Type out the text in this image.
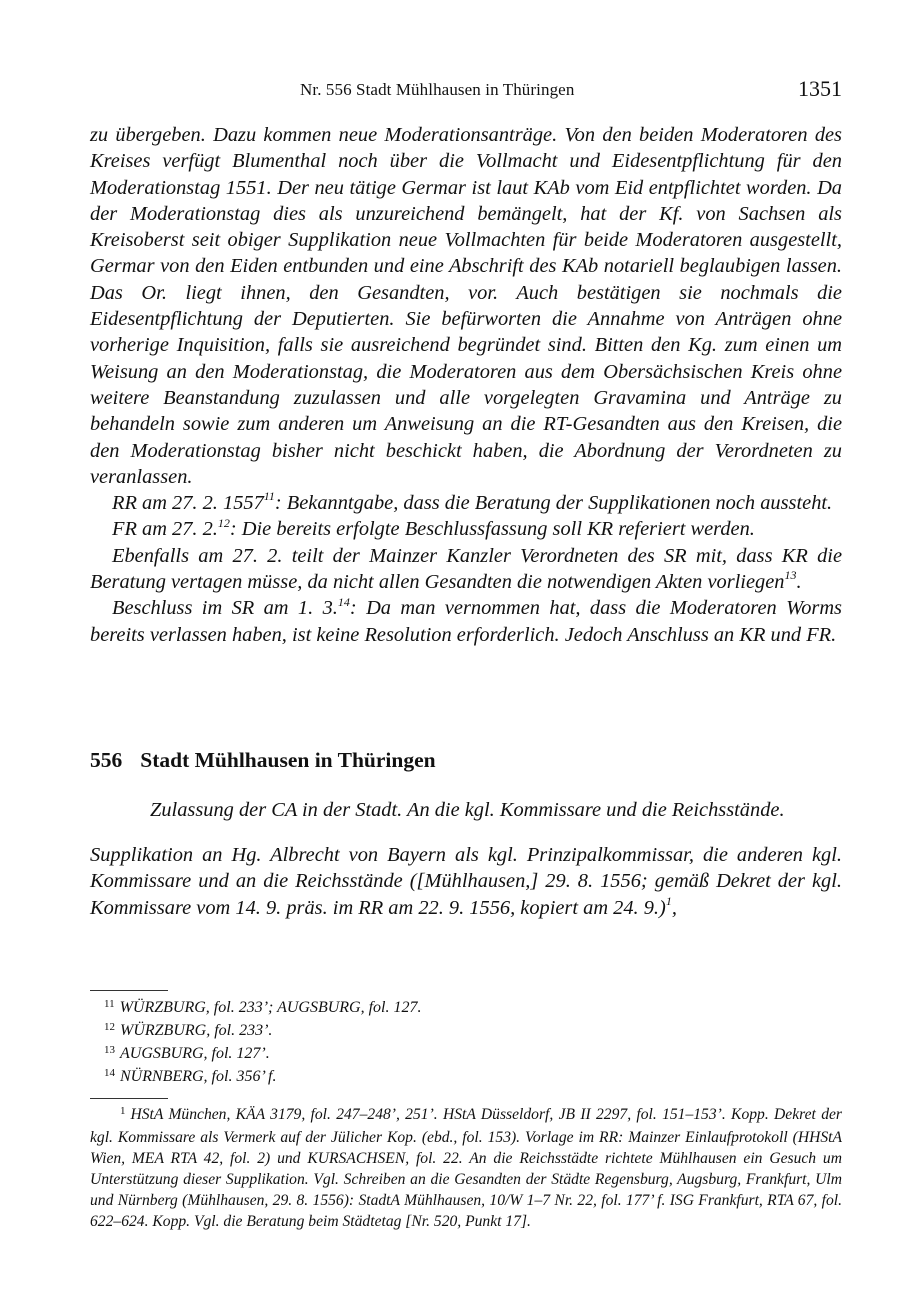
Nr. 556 Stadt Mühlhausen in Thüringen	1351

zu übergeben. Dazu kommen neue Moderationsanträge. Von den beiden Moderatoren des Kreises verfügt Blumenthal noch über die Vollmacht und Eidesentpflichtung für den Moderationstag 1551. Der neu tätige Germar ist laut KAb vom Eid entpflichtet worden. Da der Moderationstag dies als unzureichend bemängelt, hat der Kf. von Sachsen als Kreisoberst seit obiger Supplikation neue Vollmachten für beide Moderatoren ausgestellt, Germar von den Eiden entbunden und eine Abschrift des KAb notariell beglaubigen lassen. Das Or. liegt ihnen, den Gesandten, vor. Auch bestätigen sie nochmals die Eidesentpflichtung der Deputierten. Sie befürworten die Annahme von Anträgen ohne vorherige Inquisition, falls sie ausreichend begründet sind. Bitten den Kg. zum einen um Weisung an den Moderationstag, die Moderatoren aus dem Obersächsischen Kreis ohne weitere Beanstandung zuzulassen und alle vorgelegten Gravamina und Anträge zu behandeln sowie zum anderen um Anweisung an die RT-Gesandten aus den Kreisen, die den Moderationstag bisher nicht beschickt haben, die Abordnung der Verordneten zu veranlassen.

RR am 27. 2. 1557$^{11}$: Bekanntgabe, dass die Beratung der Supplikationen noch aussteht.

FR am 27. 2.12: Die bereits erfolgte Beschlussfassung soll KR referiert werden.

Ebenfalls am 27. 2. teilt der Mainzer Kanzler Verordneten des SR mit, dass KR die Beratung vertagen müsse, da nicht allen Gesandten die notwendigen Akten vorliegen$^{13}$.

Beschluss im SR am 1. 3.14: Da man vernommen hat, dass die Moderatoren Worms bereits verlassen haben, ist keine Resolution erforderlich. Jedoch Anschluss an KR und FR.

556 Stadt Mühlhausen in Thüringen

Zulassung der CA in der Stadt. An die kgl. Kommissare und die Reichsstände.

Supplikation an Hg. Albrecht von Bayern als kgl. Prinzipalkommissar, die anderen kgl. Kommissare und an die Reichsstände ([Mühlhausen,] 29. 8. 1556; gemäß Dekret der kgl. Kommissare vom 14. 9. präs. im RR am 22. 9. 1556, kopiert am 24. 9.)$^1$,

$^{11}$ WÜRZBURG, fol. 233’; AUGSBURG, fol. 127.
$^{12}$ WÜRZBURG, fol. 233’.
$^{13}$ AUGSBURG, fol. 127’.
$^{14}$ NÜRNBERG, fol. 356’ f.

$^1$ HStA München, KÄA 3179, fol. 247–248’, 251’. HStA Düsseldorf, JB II 2297, fol. 151–153’. Kopp. Dekret der kgl. Kommissare als Vermerk auf der Jülicher Kop. (ebd., fol. 153). Vorlage im RR: Mainzer Einlaufprotokoll (HHStA Wien, MEA RTA 42, fol. 2) und KURSACHSEN, fol. 22. An die Reichsstädte richtete Mühlhausen ein Gesuch um Unterstützung dieser Supplikation. Vgl. Schreiben an die Gesandten der Städte Regensburg, Augsburg, Frankfurt, Ulm und Nürnberg (Mühlhausen, 29. 8. 1556): StadtA Mühlhausen, 10/W 1–7 Nr. 22, fol. 177’ f. ISG Frankfurt, RTA 67, fol. 622–624. Kopp. Vgl. die Beratung beim Städtetag [Nr. 520, Punkt 17].
